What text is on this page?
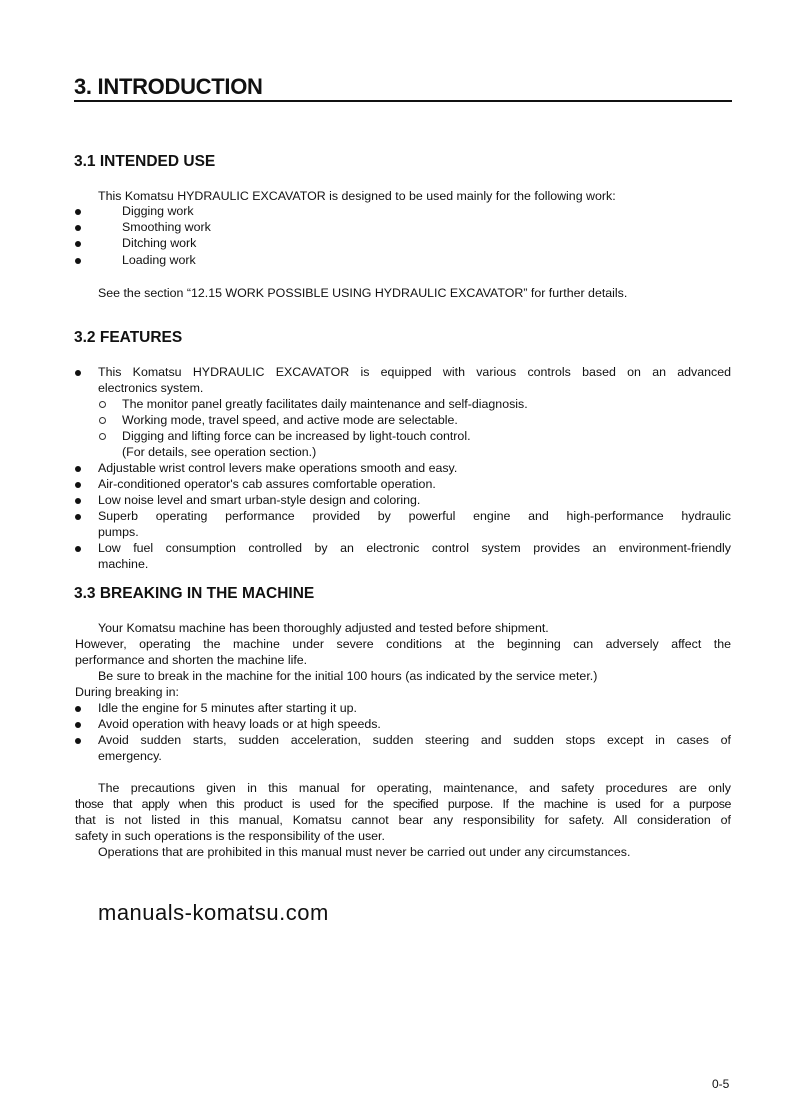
3. INTRODUCTION
3.1 INTENDED USE
This Komatsu HYDRAULIC EXCAVATOR is designed to be used mainly for the following work:
Digging work
Smoothing work
Ditching work
Loading work
See the section “12.15 WORK POSSIBLE USING HYDRAULIC EXCAVATOR” for further details.
3.2 FEATURES
This Komatsu HYDRAULIC EXCAVATOR is equipped with various controls based on an advanced
electronics system.
The monitor panel greatly facilitates daily maintenance and self-diagnosis.
Working mode, travel speed, and active mode are selectable.
Digging and lifting force can be increased by light-touch control.
(For details, see operation section.)
Adjustable wrist control levers make operations smooth and easy.
Air-conditioned operator's cab assures comfortable operation.
Low noise level and smart urban-style design and coloring.
Superb operating performance provided by powerful engine and high-performance hydraulic
pumps.
Low fuel consumption controlled by an electronic control system provides an environment-friendly
machine.
3.3 BREAKING IN THE MACHINE
Your Komatsu machine has been thoroughly adjusted and tested before shipment.
However, operating the machine under severe conditions at the beginning can adversely affect the
performance and shorten the machine life.
Be sure to break in the machine for the initial 100 hours (as indicated by the service meter.)
During breaking in:
Idle the engine for 5 minutes after starting it up.
Avoid operation with heavy loads or at high speeds.
Avoid sudden starts, sudden acceleration, sudden steering and sudden stops except in cases of
emergency.
The precautions given in this manual for operating, maintenance, and safety procedures are only
those that apply when this product is used for the specified purpose. If the machine is used for a purpose
that is not listed in this manual, Komatsu cannot bear any responsibility for safety. All consideration of
safety in such operations is the responsibility of the user.
Operations that are prohibited in this manual must never be carried out under any circumstances.
manuals-komatsu.com
0-5
